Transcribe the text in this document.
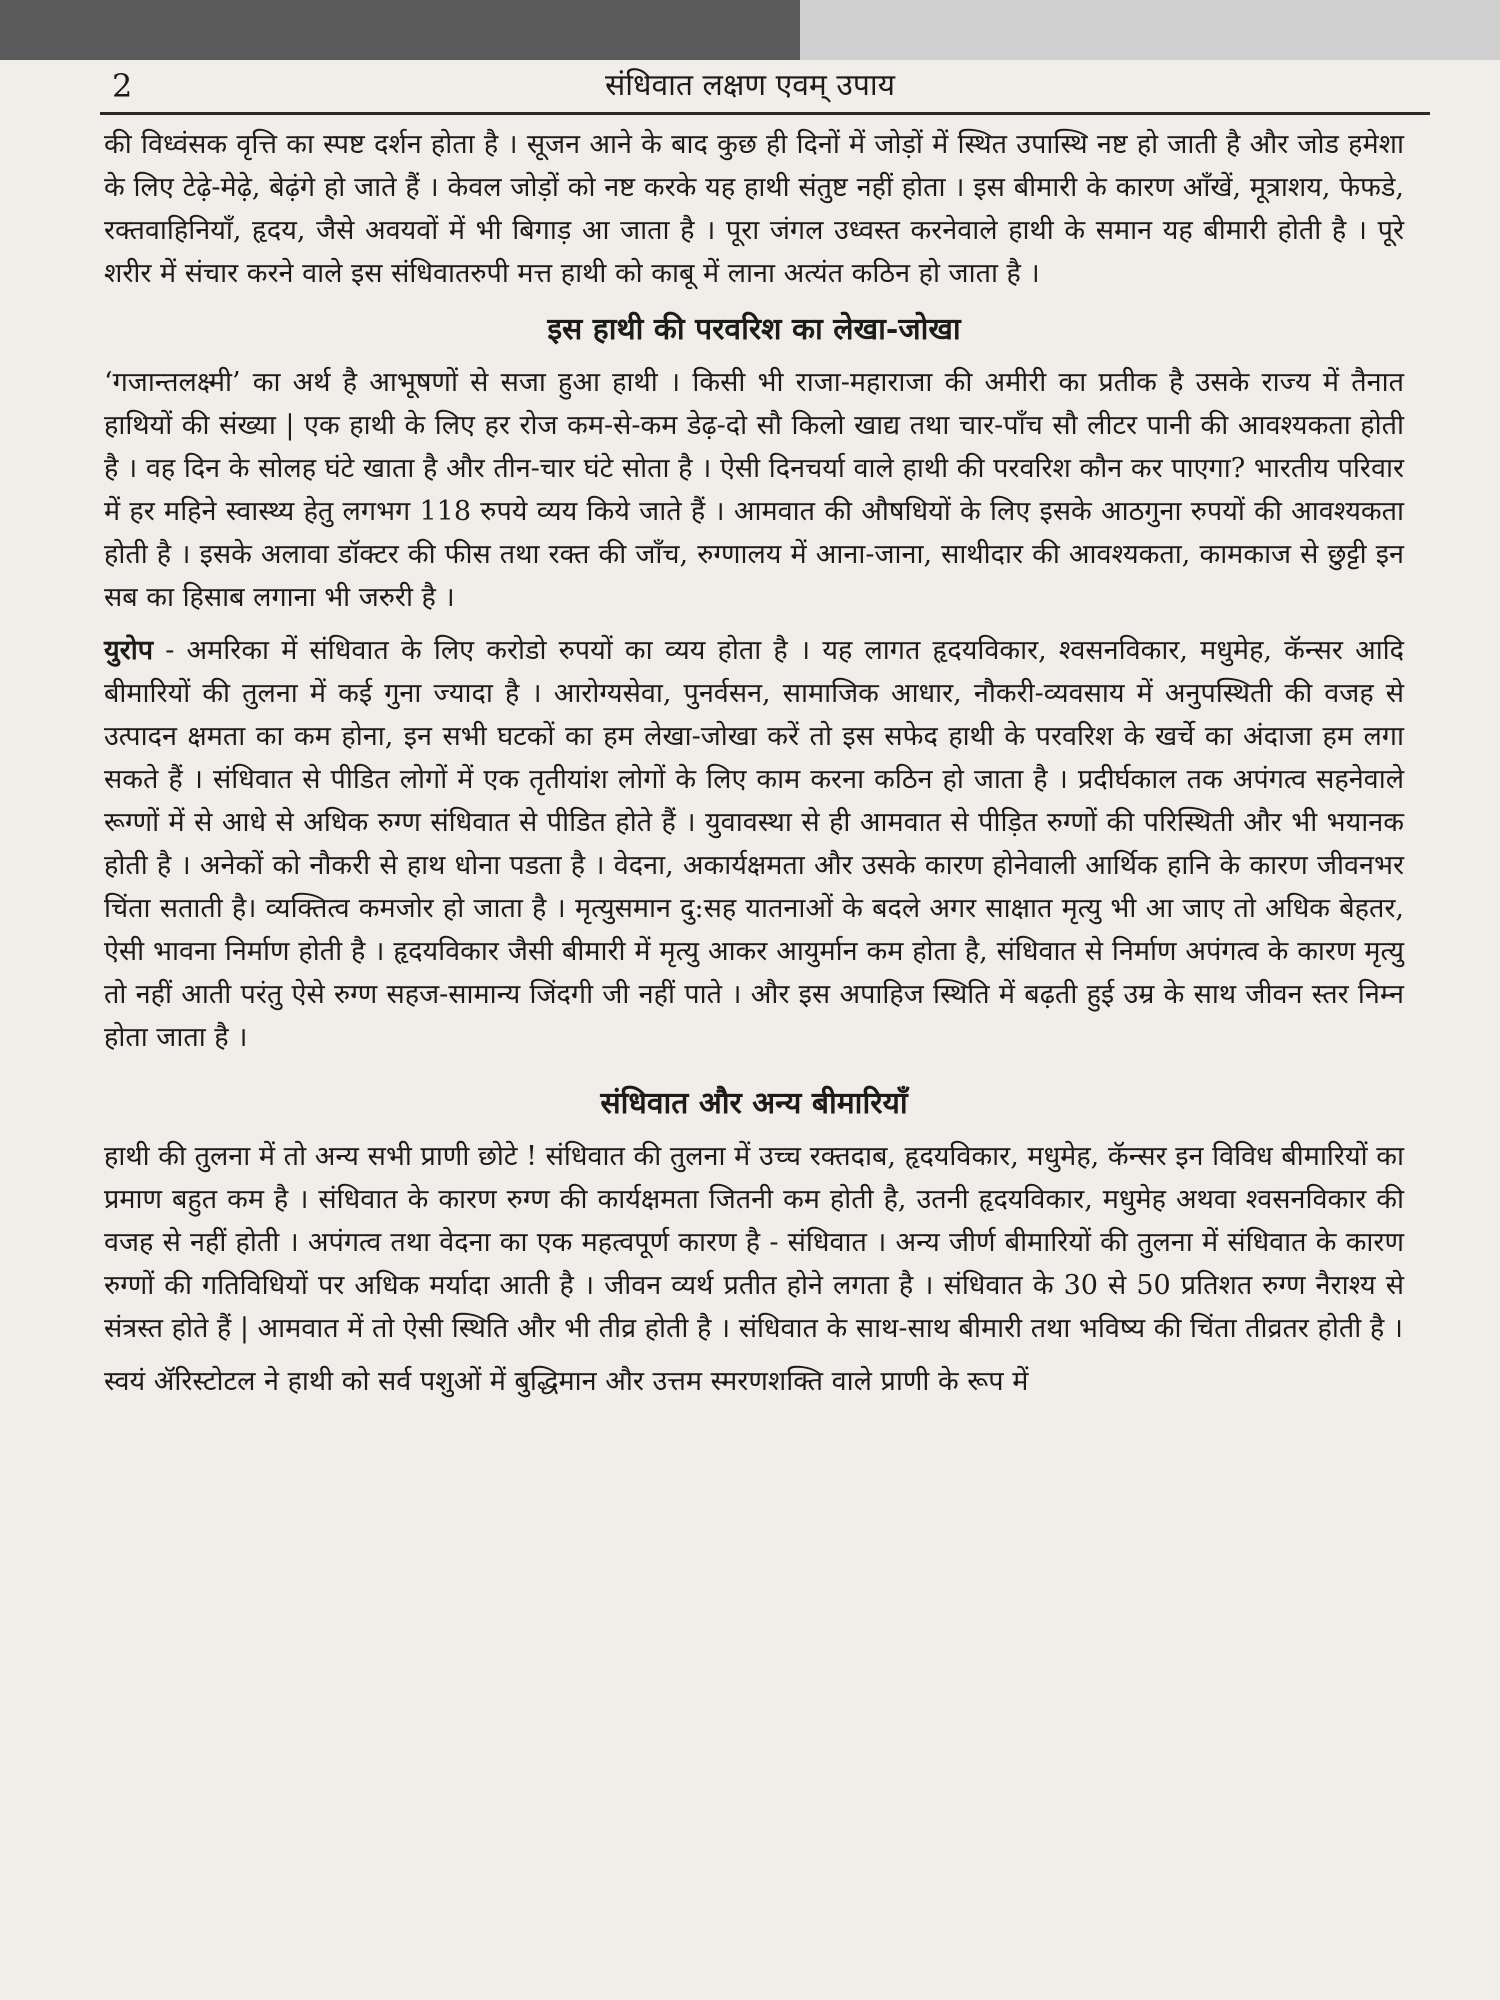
2	संधिवात लक्षण एवम् उपाय

की विध्वंसक वृत्ति का स्पष्ट दर्शन होता है । सूजन आने के बाद कुछ ही दिनों में जोड़ों में स्थित उपास्थि नष्ट हो जाती है और जोड हमेशा के लिए टेढ़े-मेढ़े, बेढ़ंगे हो जाते हैं । केवल जोड़ों को नष्ट करके यह हाथी संतुष्ट नहीं होता । इस बीमारी के कारण आँखें, मूत्राशय, फेफडे, रक्तवाहिनियाँ, हृदय, जैसे अवयवों में भी बिगाड़ आ जाता है । पूरा जंगल उध्वस्त करनेवाले हाथी के समान यह बीमारी होती है । पूरे शरीर में संचार करने वाले इस संधिवातरुपी मत्त हाथी को काबू में लाना अत्यंत कठिन हो जाता है ।

इस हाथी की परवरिश का लेखा-जोखा

‘गजान्तलक्ष्मी’ का अर्थ है आभूषणों से सजा हुआ हाथी । किसी भी राजा-महाराजा की अमीरी का प्रतीक है उसके राज्य में तैनात हाथियों की संख्या | एक हाथी के लिए हर रोज कम-से-कम डेढ़-दो सौ किलो खाद्य तथा चार-पाँच सौ लीटर पानी की आवश्यकता होती है । वह दिन के सोलह घंटे खाता है और तीन-चार घंटे सोता है । ऐसी दिनचर्या वाले हाथी की परवरिश कौन कर पाएगा? भारतीय परिवार में हर महिने स्वास्थ्य हेतु लगभग 118 रुपये व्यय किये जाते हैं । आमवात की औषधियों के लिए इसके आठगुना रुपयों की आवश्यकता होती है । इसके अलावा डॉक्टर की फीस तथा रक्त की जाँच, रुग्णालय में आना-जाना, साथीदार की आवश्यकता, कामकाज से छुट्टी इन सब का हिसाब लगाना भी जरुरी है ।

युरोप - अमरिका में संधिवात के लिए करोडो रुपयों का व्यय होता है । यह लागत हृदयविकार, श्वसनविकार, मधुमेह, कॅन्सर आदि बीमारियों की तुलना में कई गुना ज्यादा है । आरोग्यसेवा, पुनर्वसन, सामाजिक आधार, नौकरी-व्यवसाय में अनुपस्थिती की वजह से उत्पादन क्षमता का कम होना, इन सभी घटकों का हम लेखा-जोखा करें तो इस सफेद हाथी के परवरिश के खर्चे का अंदाजा हम लगा सकते हैं । संधिवात से पीडित लोगों में एक तृतीयांश लोगों के लिए काम करना कठिन हो जाता है । प्रदीर्घकाल तक अपंगत्व सहनेवाले रूग्णों में से आधे से अधिक रुग्ण संधिवात से पीडित होते हैं । युवावस्था से ही आमवात से पीड़ित रुग्णों की परिस्थिती और भी भयानक होती है । अनेकों को नौकरी से हाथ धोना पडता है । वेदना, अकार्यक्षमता और उसके कारण होनेवाली आर्थिक हानि के कारण जीवनभर चिंता सताती है। व्यक्तित्व कमजोर हो जाता है । मृत्युसमान दु:सह यातनाओं के बदले अगर साक्षात मृत्यु भी आ जाए तो अधिक बेहतर, ऐसी भावना निर्माण होती है । हृदयविकार जैसी बीमारी में मृत्यु आकर आयुर्मान कम होता है, संधिवात से निर्माण अपंगत्व के कारण मृत्यु तो नहीं आती परंतु ऐसे रुग्ण सहज-सामान्य जिंदगी जी नहीं पाते । और इस अपाहिज स्थिति में बढ़ती हुई उम्र के साथ जीवन स्तर निम्न होता जाता है ।

संधिवात और अन्य बीमारियाँ

हाथी की तुलना में तो अन्य सभी प्राणी छोटे ! संधिवात की तुलना में उच्च रक्तदाब, हृदयविकार, मधुमेह, कॅन्सर इन विविध बीमारियों का प्रमाण बहुत कम है । संधिवात के कारण रुग्ण की कार्यक्षमता जितनी कम होती है, उतनी हृदयविकार, मधुमेह अथवा श्वसनविकार की वजह से नहीं होती । अपंगत्व तथा वेदना का एक महत्वपूर्ण कारण है - संधिवात । अन्य जीर्ण बीमारियों की तुलना में संधिवात के कारण रुग्णों की गतिविधियों पर अधिक मर्यादा आती है । जीवन व्यर्थ प्रतीत होने लगता है । संधिवात के 30 से 50 प्रतिशत रुग्ण नैराश्य से संत्रस्त होते हैं | आमवात में तो ऐसी स्थिति और भी तीव्र होती है । संधिवात के साथ-साथ बीमारी तथा भविष्य की चिंता तीव्रतर होती है ।

स्वयं ॲरिस्टोटल ने हाथी को सर्व पशुओं में बुद्धिमान और उत्तम स्मरणशक्ति वाले प्राणी के रूप में
